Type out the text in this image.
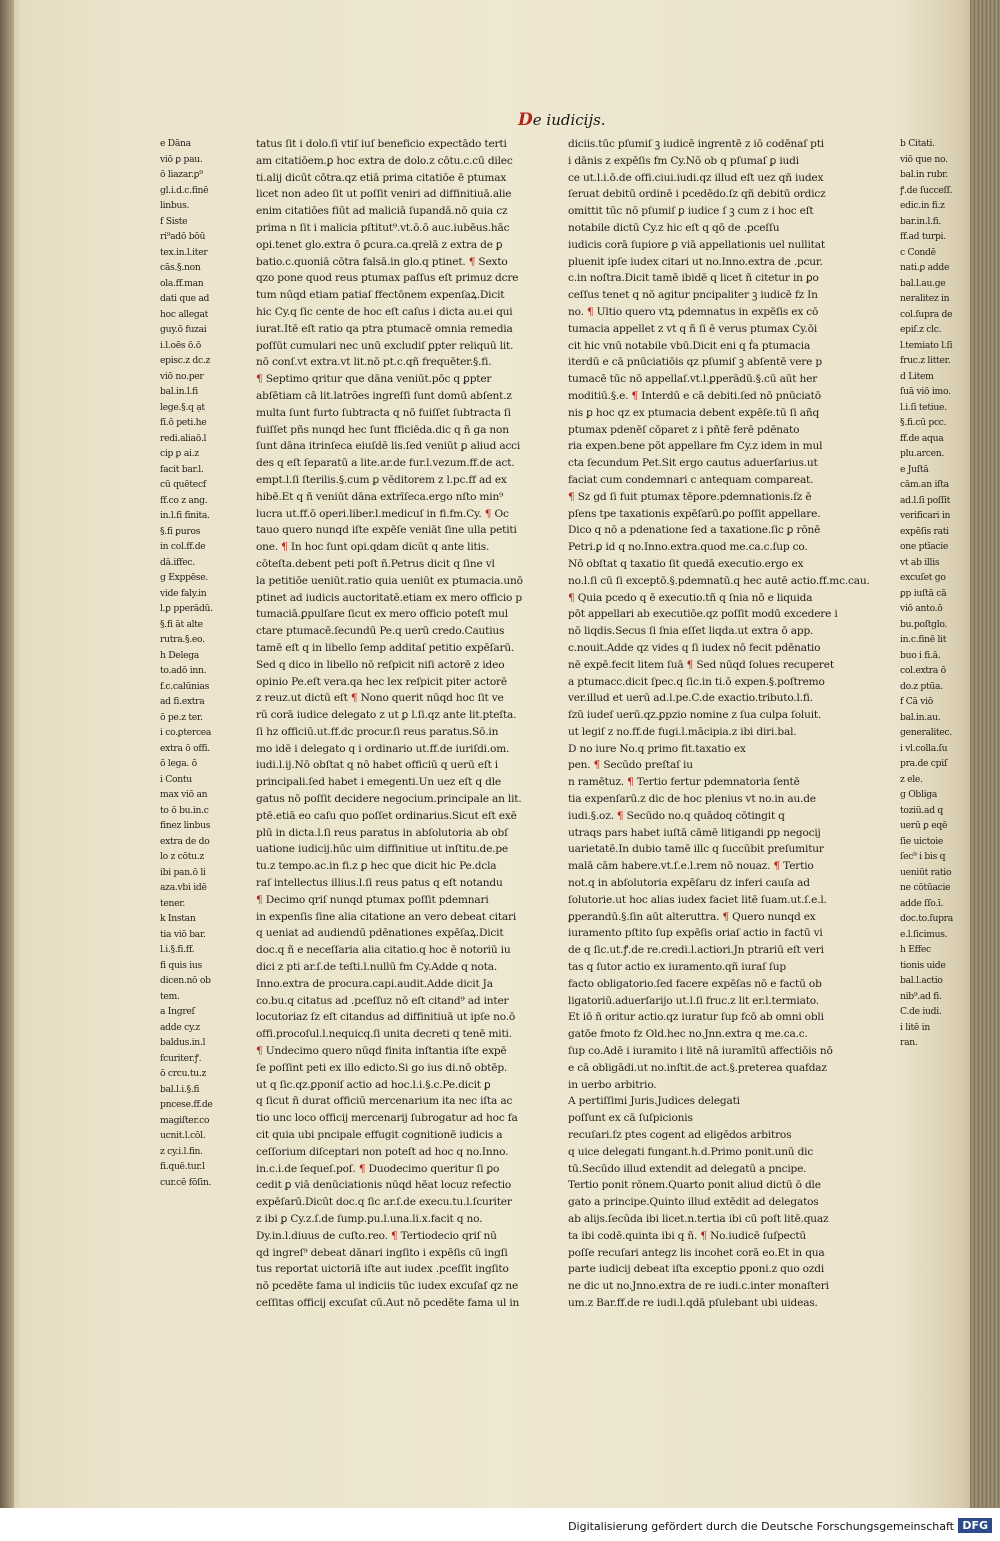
De iudicijs.
e Dāna
viō ꝑ pau.
ō liazar.ꝑ⁹
gl.i.d.c.finē
linbus.
f Siste
ri⁹adō bōū
tex.in.l.iter
cās.§.non
ola.ff.man
dati que ad
hoc allegat
guy.ō fuzai
i.l.oēs ō.ō
episc.z dc.z
viō no.per
bal.in.l.fi
lege.§.q ạt
fī.ō peti.he
redi.aliaō.l
cip ꝑ ai.z
facit bar.l.
cū quētecf
ff.co z ang.
in.l.fi finita.
§.fi ꝑuros
in col.ff.de
dā.iffec.
g Exppēse.
vide faly.in
l.ꝑ pperādū.
§.fi āt alte
rutra.§.eo.
h Delega
to.adō inn.
f.c.calūnias
ad fi.extra
ō pe.z ter.
i co.ꝑtercea
extra ō offi.
ō lega. ō
i Contu
max viō an
to ō bu.in.c
finez linbus
extra de do
lo z cōtu.z
ibi pan.ō li
aza.vbi idē
tener.
k Instan
tia viō bar.
l.i.§.fi.ff.
fi quis ius
dicen.nō ob
tem.
a Ingreſ
adde cy.z
baldus.in.l
fcuriter.ꝭ.
ō crcu.tu.z
bal.l.i.§.fi
pncese.ff.de
magiſter.co
ucnit.l.cōl.
z cy.i.l.fin.
fi.quē.tur.l
cur.cē fōſin.
tatus ſit i dolo.ſi vtiſ iuſ beneficio expectādo terti
am citatiōem.ꝑ hoc extra de dolo.z cōtu.c.cū dilec
ti.alij dicūt cōtra.qz etiā prima citatiōe ē ptumax
licet non adeo ſit ut poſſit veniri ad diffinitiuā.alie
enim citatiōes fiūt ad maliciā ſupandā.nō quia cz
prima n ſit i malicia pſtitut⁹.vt.ō.ō auc.iubēus.hāc
opi.tenet glo.extra ō ꝑcura.ca.qrelā z extra de ꝑ
batio.c.quoniā cōtra falsā.in glo.q ptinet. ¶ Sexto
qzo pone quod reus ptumax paſſus eſt primuz dcre
tum nūqd etiam patiaſ ffectōnem expenſaꝝ.Dicit
hic Cy.q ſic cente de hoc eſt caſus i dicta au.ei qui
iurat.Itē eſt ratio qa ptra ptumacē omnia remedia
poſſūt cumulari nec unū excludiſ ꝑpter reliquū lit.
nō conſ.vt extra.vt lit.nō pt.c.qñ frequēter.§.fi.
¶ Septimo qritur que dāna veniūt.pōc q ꝑpter
abſētiam cā lit.latrões ingreſſi ſunt domū abſent.z
multa ſunt furto ſubtracta q nō fuiſſet ſubtracta ſi
fuiſſet pñs nunqd hec ſunt fficiēda.dic q ñ ga non
ſunt dāna itrinſeca eiuſdē lis.ſed veniūt ꝑ aliud acci
des q eſt ſeparatū a lite.ar.de fur.l.vezum.ff.de act.
empt.l.ſi ſterilis.§.cum ꝑ vēditorem z l.pc.ff ad ex
hibē.Et q ñ veniūt dāna extrīſeca.ergo nſto min⁹
lucra ut.ff.ō operi.liber.l.medicuſ in fi.fm.Cy. ¶ Oc
tauo quero nunqd iſte expēſe veniāt ſine ulla petiti
one. ¶ In hoc ſunt opi.qdam dicūt q ante litis.
cōteſta.debent peti poſt ñ.Petrus dicit q ſine vl
la petitiōe ueniūt.ratio quia ueniūt ex ptumacia.unō
ptinet ad iudicis auctoritatē.etiam ex mero officio p
tumaciā.ꝑpulſare ſicut ex mero officio poteſt mul
ctare ptumacē.ſecundū Pe.q uerū credo.Cautius
tamē eſt q in libello ſemp additaſ petitio expēſarū.
Sed q dico in libello nō reſpicit niſi actorē z ideo
opinio Pe.eſt vera.qa hec lex reſpicit piter actorē
z reuz.ut dictū eſt ¶ Nono querit nūqd hoc ſit ve
rū corā iudice delegato z ut ꝑ l.ſi.qz ante lit.pteſta.
ſi hz officiū.ut.ff.dc procur.ſi reus paratus.Sō.in
mo idē i delegato q i ordinario ut.ff.de iuriſdi.om.
iudi.l.ij.Nō obſtat q nō habet officiū q uerū eſt i
principali.ſed habet i emegenti.Un uez eſt q dle
gatus nō poſſit decidere negocium.principale an lit.
ptē.etiā eo caſu quo poſſet ordinarius.Sicut eſt exē
plū in dicta.l.ſi reus paratus in abſolutoria ab obſ
uatione iudicij.hūc uim diffinitiue ut inſtitu.de.pe
tu.z tempo.ac.in fi.z ꝑ hec que dicit hic Pe.dcla
raſ intellectus illius.l.ſi reus patus q eſt notandu
¶ Decimo qriſ nunqd ptumax poſſit pdemnari
in expenſis ſine alia citatione an vero debeat citari
q ueniat ad audiendū pdēnationes expēſaꝝ.Dicit
doc.q ñ e neceſſaria alia citatio.q hoc ē notoriū iu
dici z pti ar.ſ.de teſti.l.nullū fm Cy.Adde q nota.
Inno.extra de procura.capi.audit.Adde dicit Ja
co.bu.q citatus ad .pceſſuz nō eſt citand⁹ ad inter
locutoriaz ſz eſt citandus ad diffinitiuā ut ipſe no.ō
offi.procoſul.l.nequicq.ſi unita decreti q tenē miti.
¶ Undecimo quero nūqd finita inſtantia iſte expē
ſe poſſint peti ex illo edicto.Si go ius di.nō obtēp.
ut q ſic.qz.ꝑponiſ actio ad hoc.l.i.§.c.Pe.dicit ꝑ
q ſicut ñ durat officiū mercenarium ita nec iſta ac
tio unc loco officij mercenarij ſubrogatur ad hoc fa
cit quia ubi pncipale effugit cognitionē iudicis a
ceſſorium diſceptari non poteſt ad hoc q no.Inno.
in.c.i.de ſequeſ.poſ. ¶ Duodecimo queritur ſi ꝑo
cedit ꝑ viā denūciationis nūqd hēat locuz refectio
expēſarū.Dicūt doc.q ſic ar.ſ.de execu.tu.l.ſcuriter
z ibi ꝑ Cy.z.ſ.de ſump.pu.l.una.li.x.facit q no.
Dy.in.l.diuus de cuſto.reo. ¶ Tertiodecio qriſ nū
qd ingreſ⁹ debeat dānari ingſito i expēſis cū ingſi
tus reportat uictoriā iſte aut iudex .pceſſit ingſito
nō pcedēte fama ul indiciis tūc iudex excuſaſ qz ne
ceſſitas officij excuſat cū.Aut nō pcedēte fama ul in
diciis.tūc pſumiſ ꝫ iudicē ingrentē z iō codēnaſ pti
i dānis z expēſis fm Cy.Nō ob q pſumaſ ꝑ iudi
ce ut.l.i.ō.de offi.ciui.iudi.qz illud eſt uez qñ iudex
ſeruat debitū ordinē i pcedēdo.ſz qñ debitū ordicz
omittit tūc nō pſumiſ ꝑ iudice ſ ꝫ cum z i hoc eſt
notabile dictū Cy.z hic eſt q qō de .pceſſu
iudicis corā ſupiore ꝑ viā appellationis uel nullitat
pluenit ipſe iudex citari ut no.Inno.extra de .pcur.
c.in noſtra.Dicit tamē ibidē q licet ñ citetur in ꝑo
ceſſus tenet q nō agitur pncipaliter ꝫ iudicē fz In
no. ¶ Ultio quero vtꝝ pdemnatus in expēſis ex cō
tumacia appellet z vt q ñ ſi ē verus ptumax Cy.ōi
cit hic vnū notabile vbū.Dicit eni q ḟa ptumacia
iterdū e cā pnūciatiōis qz pſumiſ ꝫ abſentē vere p
tumacē tūc nō appellaſ.vt.l.ꝑperādū.§.cū aūt her
moditiū.§.e. ¶ Interdū e cā debiti.ſed nō pnūciatō
nis ꝑ hoc qz ex ptumacia debent expēſe.tū ſi añq
ptumax pdenēſ cōparet z i pñtē ferē pdēnato
ria expen.bene pōt appellare fm Cy.z idem in mul
cta ſecundum Pet.Sit ergo cautus aduerſarius.ut
faciat cum condemnari c antequam compareat.
¶ Sz gd ſi fuit ptumax tēpore.pdemnationis.ſz ē
pſens tpe taxationis expēſarū.ꝑo poſſit appellare.
Dico q nō a pdenatione ſed a taxatione.ſic ꝑ rōnē
Petri.ꝑ id q no.Inno.extra.quod me.ca.c.ſup co.
Nō obſtat q taxatio ſit quedā executio.ergo ex
no.l.ſi cū ſi exceptō.§.pdemnatū.q hec autē actio.ff.mc.cau.
¶ Quia pcedo q ē executio.tñ q ſnia nō e liquida
pōt appellari ab executiōe.qz poſſit modū excedere i
nō liqdis.Secus ſi ſnia eſſet liqda.ut extra ō app.
c.nouit.Adde qz vides q ſi iudex nō fecit pdēnatio
nē expē.fecit litem ſuā ¶ Sed nūqd ſolues recuperet
a ptumacc.dicit ſpec.q ſic.in ti.ō expen.§.poſtremo
ver.illud et uerū ad.l.pe.C.de exactio.tributo.l.fi.
ſzū iudeſ uerū.qz.ꝑpzio nomine z ſua culpa ſoluit.
ut legiſ z no.ff.de fugi.l.mācipia.z ibi diri.bal.
D no iure No.q primo fit.taxatio ex
pen. ¶ Secūdo preſtaſ iu
n ramētuz. ¶ Tertio fertur pdemnatoria ſentē
tia expenſarū.z dic de hoc plenius vt no.in au.de
iudi.§.oz. ¶ Secūdo no.q quādoq cōtingit q
utraqs pars habet iuſtā cāmē litigandi ꝑp negocij
uarietatē.In dubio tamē illc q ſuccūbit preſumitur
malā cām habere.vt.ſ.e.l.rem nō nouaz. ¶ Tertio
not.q in abſolutoria expēſaru dz inferi cauſa ad
ſolutorie.ut hoc alias iudex faciet litē ſuam.ut.ſ.e.l.
ꝑperandū.§.ſin aūt alteruttra. ¶ Quero nunqd ex
iuramento pſtito ſup expēſis oriaſ actio in factū vi
de q ſic.ut.ꝭ.de re.credi.l.actiori.Jn ptrariū eſt veri
tas q ſutor actio ex iuramento.qñ iuraſ ſup
facto obligatorio.ſed facere expēſas nō e factū ob
ligatoriū.aduerſarijo ut.l.ſi fruc.z lit er.l.termiato.
Et iō ñ oritur actio.qz iuratur ſup fcō ab omni obli
gatōe fmoto fz Old.hec no.Jnn.extra q me.ca.c.
ſup co.Adē i iuramito i litē nā iuramītū affectiōis nō
e cā obligādi.ut no.inſtit.de act.§.preterea quafdaz
in uerbo arbitrio.
A pertiſſimi Juris.Judices delegati
poſſunt ex cā ſuſpicionis
recuſari.ſz ptes cogent ad eligēdos arbitros
q uice delegati fungant.h.d.Primo ponit.unū dic
tū.Secūdo illud extendit ad delegatū a pncipe.
Tertio ponit rōnem.Quarto ponit aliud dictū ō dle
gato a principe.Quinto illud extēdit ad delegatos
ab alijs.ſecūda ibi licet.n.tertia ibi cū poſt litē.quaz
ta ibi codē.quinta ibi q ñ. ¶ No.iudicē ſuſpectū
poſſe recuſari antegz lis incohet corā eo.Et in qua
parte iudicij debeat iſta exceptio ꝑponi.z quo ozdi
ne dic ut no.Jnno.extra de re iudi.c.inter monaſteri
um.z Bar.ff.de re iudi.l.qdā pſulebant ubi uideas.
b Citati.
viō que no.
bal.in rubr.
ꝭ.de ſucceſſ.
edic.in fi.z
bar.in.l.fi.
ff.ad turpi.
c Condē
nati.ꝑ adde
bal.l.au.ge
neralitez in
col.ſupra de
epiſ.z clc.
l.temiato l.ſi
fruc.z litter.
d Litem
ſuā viō imo.
l.i.ſi tetiue.
§.fi.cū pcc.
ff.de aqua
plu.arcen.
e Juſtā
cām.an iſta
ad.l.ſi poſſit
verificari in
expēſis rati
one ptīacie
vt ab illis
excuſet go
ꝑp iuſtā cā
viō anto.ō
bu.poſtglo.
in.c.finē lit
buo i fi.ā.
col.extra ō
do.z ptūa.
f Cā viō
bal.in.au.
generalitec.
i vl.colla.ſu
pra.de cpiſ
z ele.
g Obliga
toziū.ad q
uerū ꝑ eqē
ſie uictoie
ſec⁹ i bis q
ueniūt ratio
ne cōtūacie
adde ſſo.ī.
doc.to.ſupra
e.l.ſicimus.
h Effec
tionis uide
bal.l.actio
nib⁹.ad fi.
C.de iudi.
i litē in
ran.
Digitalisierung gefördert durch die Deutsche Forschungsgemeinschaft DFG
